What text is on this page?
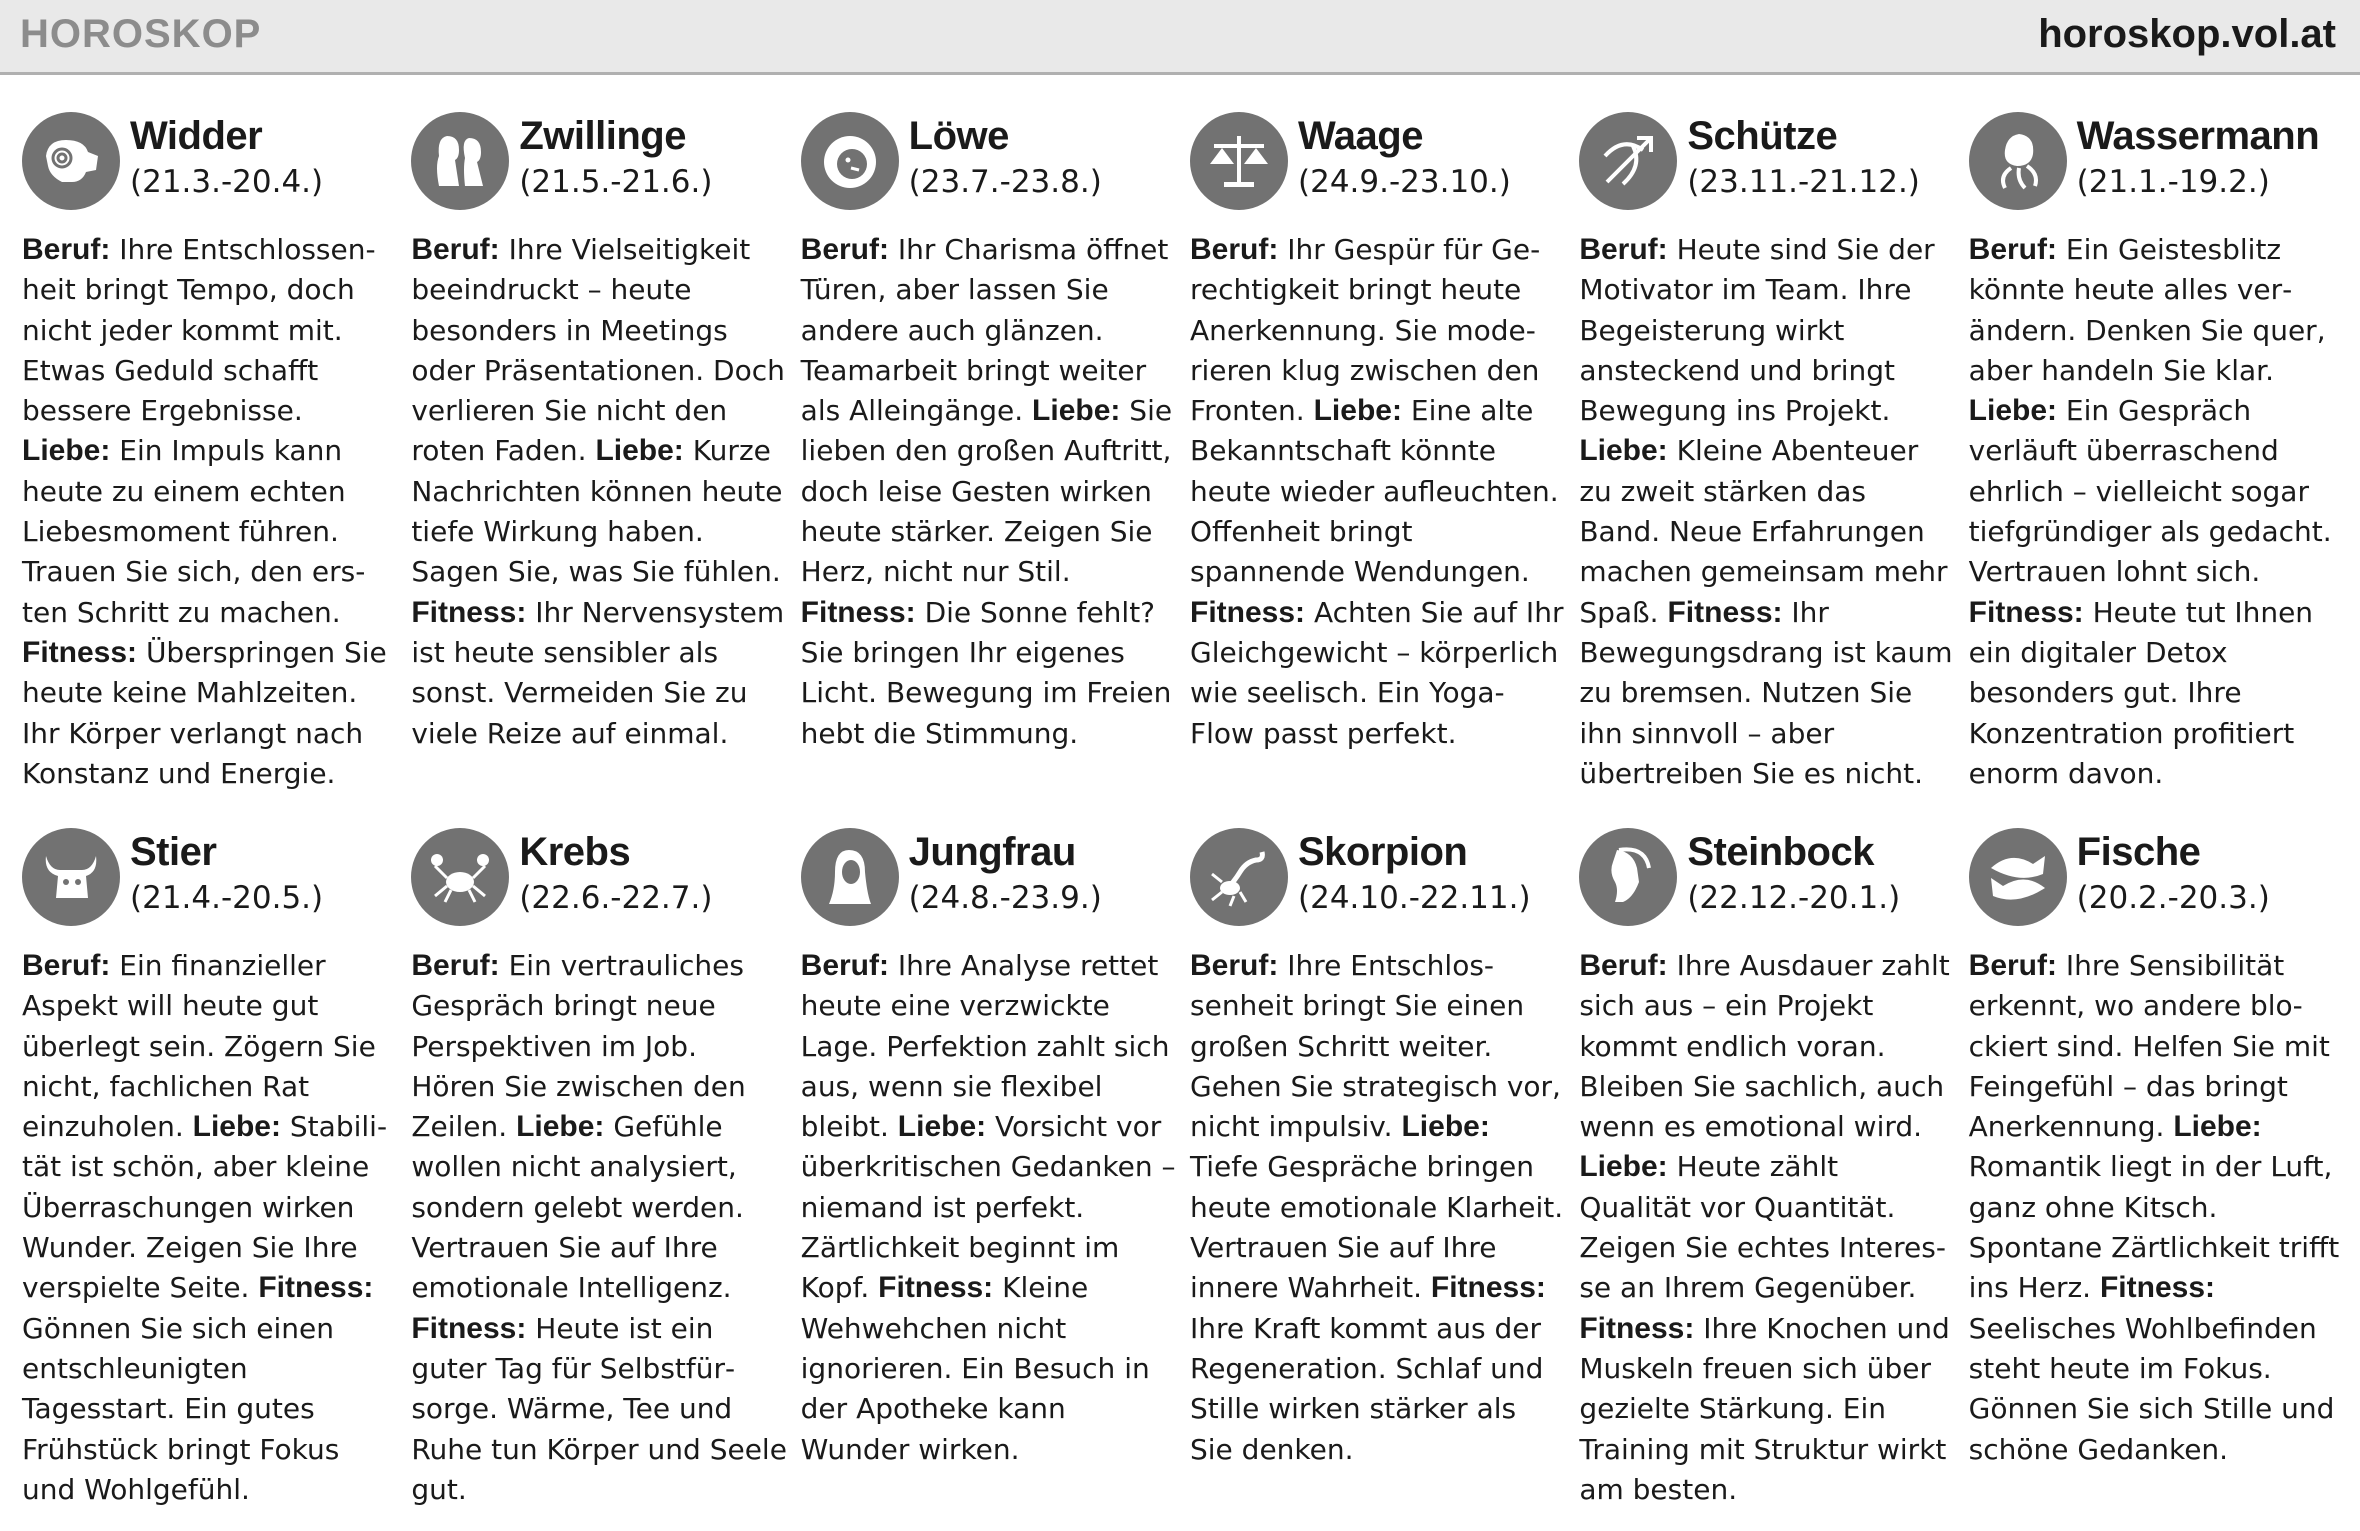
HOROSKOP	horoskop.vol.at
Widder
(21.3.-20.4.)
Beruf: Ihre Entschlossenheit bringt Tempo, doch nicht jeder kommt mit. Etwas Geduld schafft bessere Ergebnisse. Liebe: Ein Impuls kann heute zu einem echten Liebesmoment führen. Trauen Sie sich, den ersten Schritt zu machen. Fitness: Überspringen Sie heute keine Mahlzeiten. Ihr Körper verlangt nach Konstanz und Energie.
Zwillinge
(21.5.-21.6.)
Beruf: Ihre Vielseitigkeit beeindruckt – heute besonders in Meetings oder Präsentationen. Doch verlieren Sie nicht den roten Faden. Liebe: Kurze Nachrichten können heute tiefe Wirkung haben. Sagen Sie, was Sie fühlen. Fitness: Ihr Nervensystem ist heute sensibler als sonst. Vermeiden Sie zu viele Reize auf einmal.
Löwe
(23.7.-23.8.)
Beruf: Ihr Charisma öffnet Türen, aber lassen Sie andere auch glänzen. Teamarbeit bringt weiter als Alleingänge. Liebe: Sie lieben den großen Auftritt, doch leise Gesten wirken heute stärker. Zeigen Sie Herz, nicht nur Stil. Fitness: Die Sonne fehlt? Sie bringen Ihr eigenes Licht. Bewegung im Freien hebt die Stimmung.
Waage
(24.9.-23.10.)
Beruf: Ihr Gespür für Gerechtigkeit bringt heute Anerkennung. Sie moderieren klug zwischen den Fronten. Liebe: Eine alte Bekanntschaft könnte heute wieder aufleuchten. Offenheit bringt spannende Wendungen. Fitness: Achten Sie auf Ihr Gleichgewicht – körperlich wie seelisch. Ein Yoga-Flow passt perfekt.
Schütze
(23.11.-21.12.)
Beruf: Heute sind Sie der Motivator im Team. Ihre Begeisterung wirkt ansteckend und bringt Bewegung ins Projekt. Liebe: Kleine Abenteuer zu zweit stärken das Band. Neue Erfahrungen machen gemeinsam mehr Spaß. Fitness: Ihr Bewegungsdrang ist kaum zu bremsen. Nutzen Sie ihn sinnvoll – aber übertreiben Sie es nicht.
Wassermann
(21.1.-19.2.)
Beruf: Ein Geistesblitz könnte heute alles verändern. Denken Sie quer, aber handeln Sie klar. Liebe: Ein Gespräch verläuft überraschend ehrlich – vielleicht sogar tiefgründiger als gedacht. Vertrauen lohnt sich. Fitness: Heute tut Ihnen ein digitaler Detox besonders gut. Ihre Konzentration profitiert enorm davon.
Stier
(21.4.-20.5.)
Beruf: Ein finanzieller Aspekt will heute gut überlegt sein. Zögern Sie nicht, fachlichen Rat einzuholen. Liebe: Stabilität ist schön, aber kleine Überraschungen wirken Wunder. Zeigen Sie Ihre verspielte Seite. Fitness: Gönnen Sie sich einen entschleunigten Tagesstart. Ein gutes Frühstück bringt Fokus und Wohlgefühl.
Krebs
(22.6.-22.7.)
Beruf: Ein vertrauliches Gespräch bringt neue Perspektiven im Job. Hören Sie zwischen den Zeilen. Liebe: Gefühle wollen nicht analysiert, sondern gelebt werden. Vertrauen Sie auf Ihre emotionale Intelligenz. Fitness: Heute ist ein guter Tag für Selbstfürsorge. Wärme, Tee und Ruhe tun Körper und Seele gut.
Jungfrau
(24.8.-23.9.)
Beruf: Ihre Analyse rettet heute eine verzwickte Lage. Perfektion zahlt sich aus, wenn sie flexibel bleibt. Liebe: Vorsicht vor überkritischen Gedanken – niemand ist perfekt. Zärtlichkeit beginnt im Kopf. Fitness: Kleine Wehwehchen nicht ignorieren. Ein Besuch in der Apotheke kann Wunder wirken.
Skorpion
(24.10.-22.11.)
Beruf: Ihre Entschlossenheit bringt Sie einen großen Schritt weiter. Gehen Sie strategisch vor, nicht impulsiv. Liebe: Tiefe Gespräche bringen heute emotionale Klarheit. Vertrauen Sie auf Ihre innere Wahrheit. Fitness: Ihre Kraft kommt aus der Regeneration. Schlaf und Stille wirken stärker als Sie denken.
Steinbock
(22.12.-20.1.)
Beruf: Ihre Ausdauer zahlt sich aus – ein Projekt kommt endlich voran. Bleiben Sie sachlich, auch wenn es emotional wird. Liebe: Heute zählt Qualität vor Quantität. Zeigen Sie echtes Interesse an Ihrem Gegenüber. Fitness: Ihre Knochen und Muskeln freuen sich über gezielte Stärkung. Ein Training mit Struktur wirkt am besten.
Fische
(20.2.-20.3.)
Beruf: Ihre Sensibilität erkennt, wo andere blockiert sind. Helfen Sie mit Feingefühl – das bringt Anerkennung. Liebe: Romantik liegt in der Luft, ganz ohne Kitsch. Spontane Zärtlichkeit trifft ins Herz. Fitness: Seelisches Wohlbefinden steht heute im Fokus. Gönnen Sie sich Stille und schöne Gedanken.
